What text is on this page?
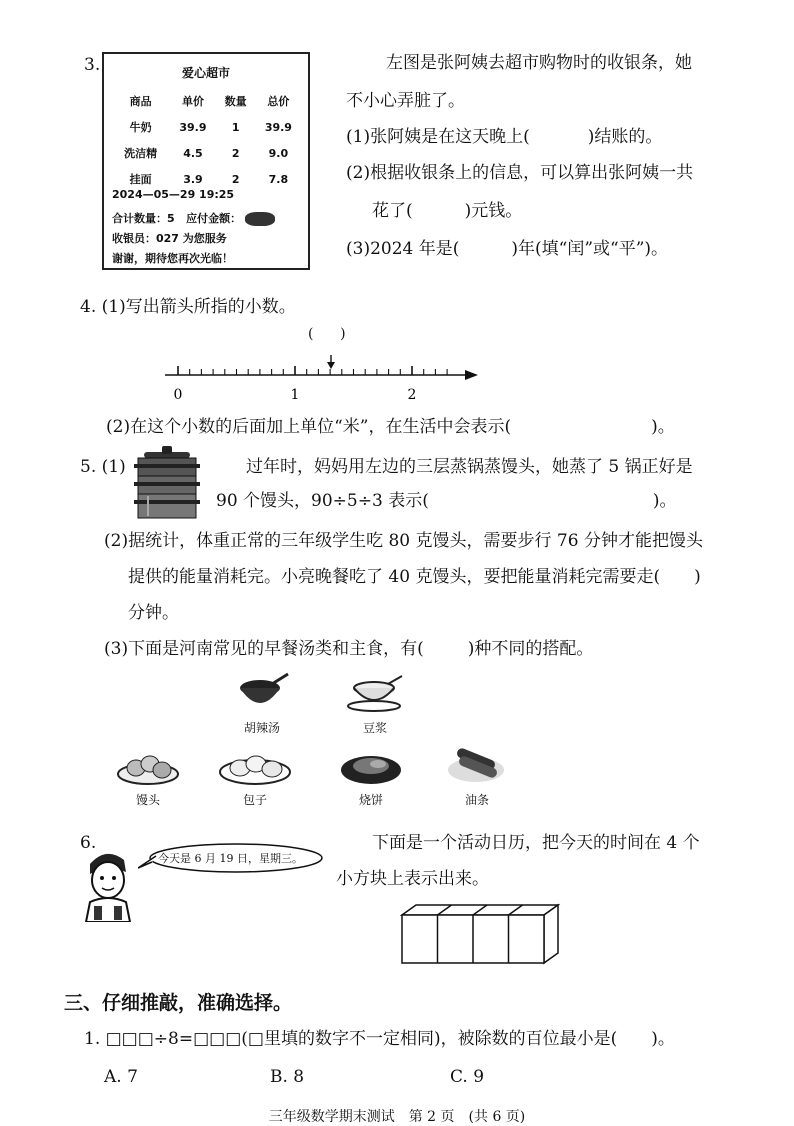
3.	爱心超市
商品	单价	数量	总价
牛奶	39.9	1	39.9
洗洁精	4.5	2	9.0
挂面	3.9	2	7.8
2024—05—29 19:25
合计数量：5 应付金额：
收银员：027 为您服务
谢谢，期待您再次光临！
左图是张阿姨去超市购物时的收银条，她
不小心弄脏了。
(1)张阿姨是在这天晚上(	)结账的。
(2)根据收银条上的信息，可以算出张阿姨一共
花了(	)元钱。
(3)2024 年是(	)年(填“闰”或“平”)。
4. (1)写出箭头所指的小数。
(      )
0	1	2
(2)在这个小数的后面加上单位“米”，在生活中会表示(	)。
5. (1)	过年时，妈妈用左边的三层蒸锅蒸馒头，她蒸了 5 锅正好是
90 个馒头，90÷5÷3 表示(	)。
(2)据统计，体重正常的三年级学生吃 80 克馒头，需要步行 76 分钟才能把馒头
提供的能量消耗完。小亮晚餐吃了 40 克馒头，要把能量消耗完需要走( )
分钟。
(3)下面是河南常见的早餐汤类和主食，有(	)种不同的搭配。
胡辣汤	豆浆
馒头	包子	烧饼	油条
6.
今天是 6 月 19 日，星期三。
下面是一个活动日历，把今天的时间在 4 个
小方块上表示出来。
三、仔细推敲，准确选择。
1. □□□÷8=□□□(□里填的数字不一定相同)，被除数的百位最小是( )。
A. 7	B. 8	C. 9
三年级数学期末测试　第 2 页　(共 6 页)
